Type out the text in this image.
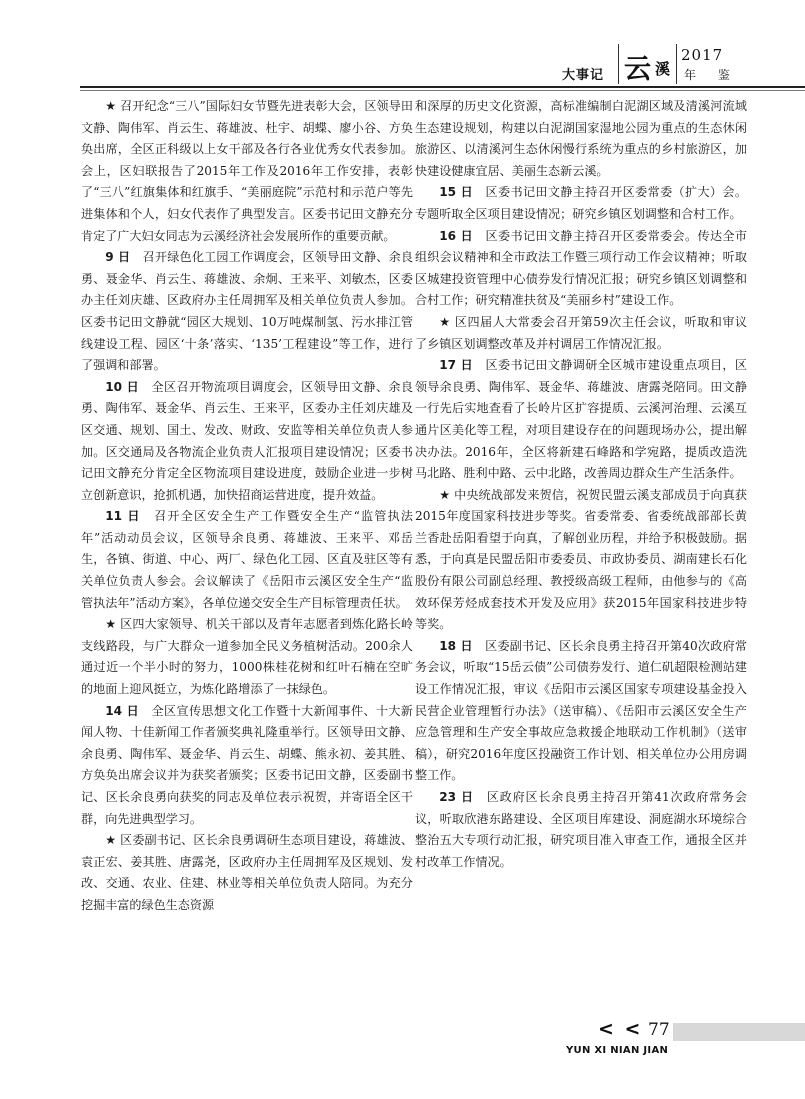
大事记 云 溪
2017
年 鉴

★ 召开纪念“三八”国际妇女节暨先进表彰大会，区领导田文静、陶伟军、肖云生、蒋雄波、杜宇、胡蝶、廖小谷、方奂奂出席，全区正科级以上女干部及各行各业优秀女代表参加。会上，区妇联报告了2015年工作及2016年工作安排，表彰了“三八”红旗集体和红旗手、“美丽庭院”示范村和示范户等先进集体和个人，妇女代表作了典型发言。区委书记田文静充分肯定了广大妇女同志为云溪经济社会发展所作的重要贡献。

9 日　 召开绿色化工园工作调度会，区领导田文静、余良勇、聂金华、肖云生、蒋雄波、余炯、王来平、刘敏杰，区委办主任刘庆雄、区政府办主任周拥军及相关单位负责人参加。区委书记田文静就“园区大规划、10万吨煤制氢、污水排江管线建设工程、园区‘十条’落实、‘135’工程建设”等工作，进行了强调和部署。

10 日　 全区召开物流项目调度会，区领导田文静、余良勇、陶伟军、聂金华、肖云生、王来平，区委办主任刘庆雄及区交通、规划、国土、发改、财政、安监等相关单位负责人参加。区交通局及各物流企业负责人汇报项目建设情况；区委书记田文静充分肯定全区物流项目建设进度，鼓励企业进一步树立创新意识，抢抓机遇，加快招商运营进度，提升效益。

11 日　 召开全区安全生产工作暨安全生产“监管执法年”活动动员会议，区领导余良勇、蒋雄波、王来平、邓岳生，各镇、街道、中心、两厂、绿色化工园、区直及驻区等有关单位负责人参会。会议解读了《岳阳市云溪区安全生产“监管执法年”活动方案》，各单位递交安全生产目标管理责任状。

★ 区四大家领导、机关干部以及青年志愿者到炼化路长岭支线路段，与广大群众一道参加全民义务植树活动。200余人通过近一个半小时的努力，1000株桂花树和红叶石楠在空旷的地面上迎风挺立，为炼化路增添了一抹绿色。

14 日　 全区宣传思想文化工作暨十大新闻事件、十大新闻人物、十佳新闻工作者颁奖典礼隆重举行。区领导田文静、余良勇、陶伟军、聂金华、肖云生、胡蝶、熊永初、姜其胜、方奂奂出席会议并为获奖者颁奖；区委书记田文静，区委副书记、区长余良勇向获奖的同志及单位表示祝贺，并寄语全区干群，向先进典型学习。

★ 区委副书记、区长余良勇调研生态项目建设，蒋雄波、袁正宏、姜其胜、唐露尧，区政府办主任周拥军及区规划、发改、交通、农业、住建、林业等相关单位负责人陪同。为充分挖掘丰富的绿色生态资源

和深厚的历史文化资源，高标准编制白泥湖区域及清溪河流域生态建设规划，构建以白泥湖国家湿地公园为重点的生态休闲旅游区、以清溪河生态休闲慢行系统为重点的乡村旅游区，加快建设健康宜居、美丽生态新云溪。

15 日　 区委书记田文静主持召开区委常委（扩大）会。专题听取全区项目建设情况；研究乡镇区划调整和合村工作。

16 日　 区委书记田文静主持召开区委常委会。传达全市组织会议精神和全市政法工作暨三项行动工作会议精神；听取区城建投资管理中心债券发行情况汇报；研究乡镇区划调整和合村工作；研究精准扶贫及“美丽乡村”建设工作。

★ 区四届人大常委会召开第59次主任会议，听取和审议了乡镇区划调整改革及并村调居工作情况汇报。

17 日　 区委书记田文静调研全区城市建设重点项目，区领导余良勇、陶伟军、聂金华、蒋雄波、唐露尧陪同。田文静一行先后实地查看了长岭片区扩容提质、云溪河治理、云溪互通片区美化等工程，对项目建设存在的问题现场办公，提出解决办法。2016年，全区将新建石峰路和学宛路，提质改造洗马北路、胜利中路、云中北路，改善周边群众生产生活条件。

★ 中央统战部发来贺信，祝贺民盟云溪支部成员于向真获2015年度国家科技进步等奖。省委常委、省委统战部部长黄兰香赴岳阳看望于向真，了解创业历程，并给予积极鼓励。据悉，于向真是民盟岳阳市委委员、市政协委员、湖南建长石化股份有限公司副总经理、教授级高级工程师，由他参与的《高效环保芳烃成套技术开发及应用》获2015年国家科技进步特等奖。

18 日　 区委副书记、区长余良勇主持召开第40次政府常务会议，听取“15岳云债”公司债券发行、道仁矶超限检测站建设工作情况汇报，审议《岳阳市云溪区国家专项建设基金投入民营企业管理暂行办法》（送审稿）、《岳阳市云溪区安全生产应急管理和生产安全事故应急救援企地联动工作机制》（送审稿），研究2016年度区投融资工作计划、相关单位办公用房调整工作。

23 日　 区政府区长余良勇主持召开第41次政府常务会议，听取欣港东路建设、全区项目库建设、洞庭湖水环境综合整治五大专项行动汇报，研究项目准入审查工作，通报全区并村改革工作情况。

< < 77
YUN XI NIAN JIAN
